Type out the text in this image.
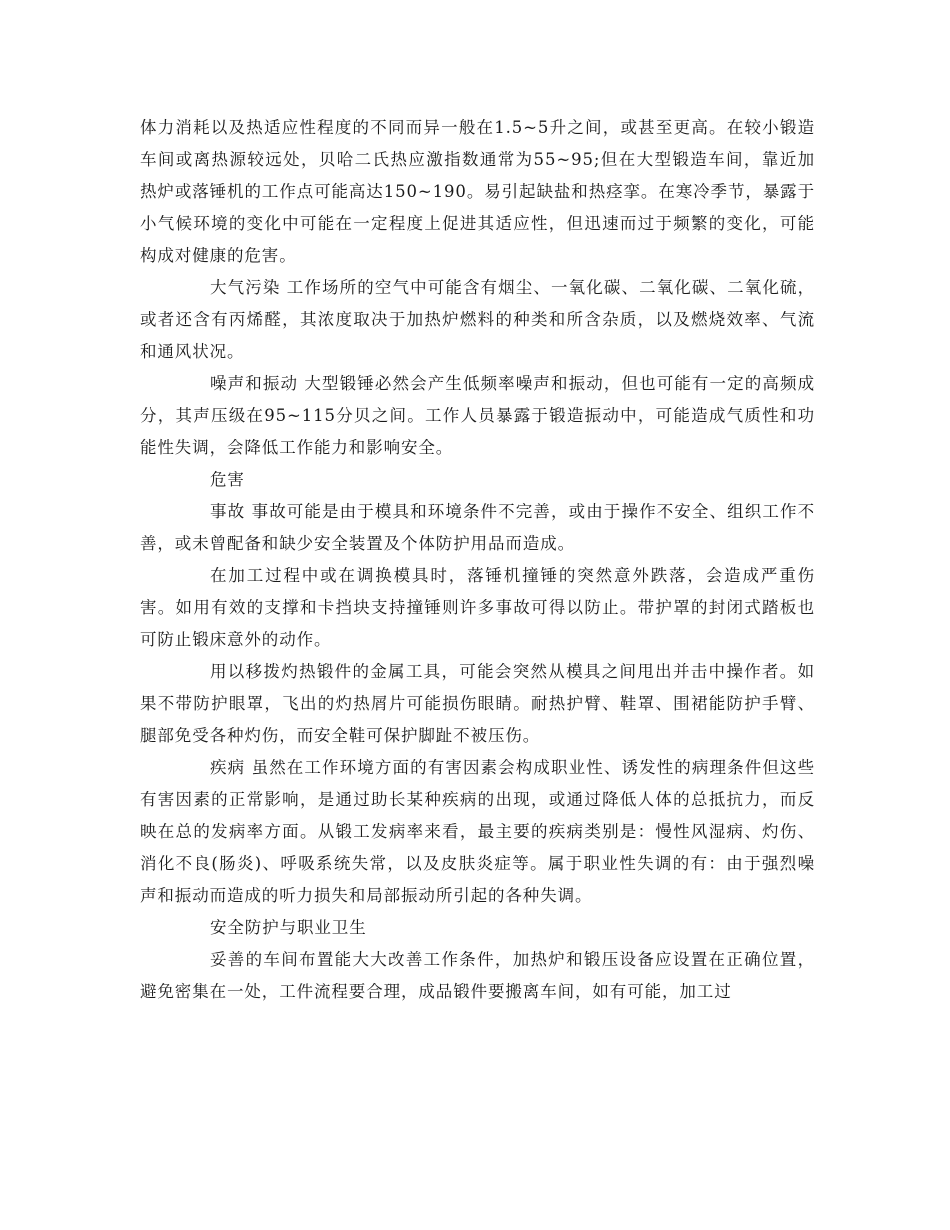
体力消耗以及热适应性程度的不同而异一般在1.5~5升之间，或甚至更高。在较小锻造车间或离热源较远处，贝哈二氏热应激指数通常为55~95;但在大型锻造车间，靠近加热炉或落锤机的工作点可能高达150~190。易引起缺盐和热痉挛。在寒冷季节，暴露于小气候环境的变化中可能在一定程度上促进其适应性，但迅速而过于频繁的变化，可能构成对健康的危害。

大气污染 工作场所的空气中可能含有烟尘、一氧化碳、二氧化碳、二氧化硫，或者还含有丙烯醛，其浓度取决于加热炉燃料的种类和所含杂质，以及燃烧效率、气流和通风状况。

噪声和振动 大型锻锤必然会产生低频率噪声和振动，但也可能有一定的高频成分，其声压级在95~115分贝之间。工作人员暴露于锻造振动中，可能造成气质性和功能性失调，会降低工作能力和影响安全。

危害

事故 事故可能是由于模具和环境条件不完善，或由于操作不安全、组织工作不善，或未曾配备和缺少安全装置及个体防护用品而造成。

在加工过程中或在调换模具时，落锤机撞锤的突然意外跌落，会造成严重伤害。如用有效的支撑和卡挡块支持撞锤则许多事故可得以防止。带护罩的封闭式踏板也可防止锻床意外的动作。

用以移拨灼热锻件的金属工具，可能会突然从模具之间甩出并击中操作者。如果不带防护眼罩，飞出的灼热屑片可能损伤眼睛。耐热护臂、鞋罩、围裙能防护手臂、腿部免受各种灼伤，而安全鞋可保护脚趾不被压伤。

疾病 虽然在工作环境方面的有害因素会构成职业性、诱发性的病理条件但这些有害因素的正常影响，是通过助长某种疾病的出现，或通过降低人体的总抵抗力，而反映在总的发病率方面。从锻工发病率来看，最主要的疾病类别是：慢性风湿病、灼伤、消化不良(肠炎)、呼吸系统失常，以及皮肤炎症等。属于职业性失调的有：由于强烈噪声和振动而造成的听力损失和局部振动所引起的各种失调。

安全防护与职业卫生

妥善的车间布置能大大改善工作条件，加热炉和锻压设备应设置在正确位置，避免密集在一处，工件流程要合理，成品锻件要搬离车间，如有可能，加工过
